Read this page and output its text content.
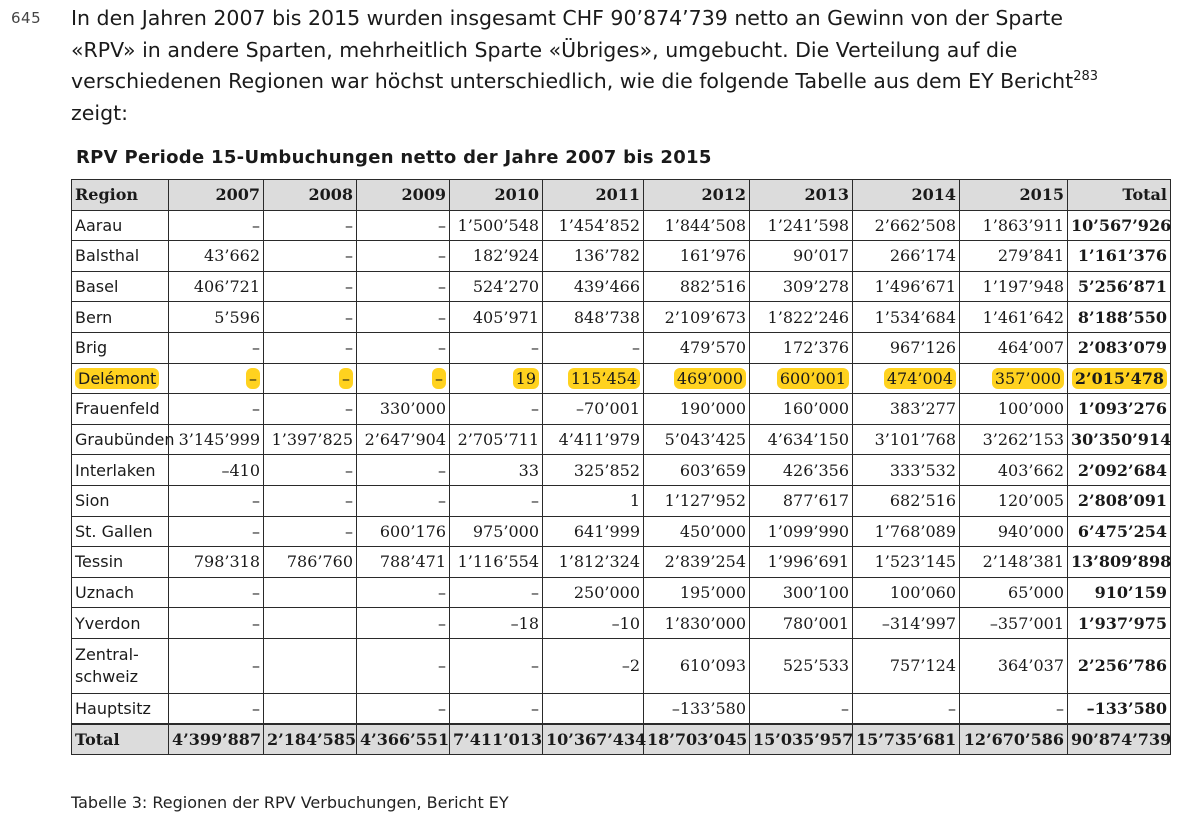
645 In den Jahren 2007 bis 2015 wurden insgesamt CHF 90’874’739 netto an Gewinn von der Sparte «RPV» in andere Sparten, mehrheitlich Sparte «Übriges», umgebucht. Die Verteilung auf die verschiedenen Regionen war höchst unterschiedlich, wie die folgende Tabelle aus dem EY Bericht$^{283}$ zeigt:

RPV Periode 15-Umbuchungen netto der Jahre 2007 bis 2015

Region	2007	2008	2009	2010	2011	2012	2013	2014	2015	Total
Aarau	–	–	–	1’500’548	1’454’852	1’844’508	1’241’598	2’662’508	1’863’911	10’567’926
Balsthal	43’662	–	–	182’924	136’782	161’976	90’017	266’174	279’841	1’161’376
Basel	406’721	–	–	524’270	439’466	882’516	309’278	1’496’671	1’197’948	5’256’871
Bern	5’596	–	–	405’971	848’738	2’109’673	1’822’246	1’534’684	1’461’642	8’188’550
Brig	–	–	–	–	–	479’570	172’376	967’126	464’007	2’083’079
Delémont	–	–	–	19	115’454	469’000	600’001	474’004	357’000	2’015’478
Frauenfeld	–	–	330’000	–	–70’001	190’000	160’000	383’277	100’000	1’093’276
Graubünden	3’145’999	1’397’825	2’647’904	2’705’711	4’411’979	5’043’425	4’634’150	3’101’768	3’262’153	30’350’914
Interlaken	–410	–	–	33	325’852	603’659	426’356	333’532	403’662	2’092’684
Sion	–	–	–	–	1	1’127’952	877’617	682’516	120’005	2’808’091
St. Gallen	–	–	600’176	975’000	641’999	450’000	1’099’990	1’768’089	940’000	6’475’254
Tessin	798’318	786’760	788’471	1’116’554	1’812’324	2’839’254	1’996’691	1’523’145	2’148’381	13’809’898
Uznach	–		–	–	250’000	195’000	300’100	100’060	65’000	910’159
Yverdon	–		–	–18	–10	1’830’000	780’001	–314’997	–357’001	1’937’975
Zentral-
schweiz	–		–	–	–2	610’093	525’533	757’124	364’037	2’256’786
Hauptsitz	–		–	–		–133’580	–	–	–	–133’580
Total	4’399’887	2’184’585	4’366’551	7’411’013	10’367’434	18’703’045	15’035’957	15’735’681	12’670’586	90’874’739

Tabelle 3: Regionen der RPV Verbuchungen, Bericht EY
